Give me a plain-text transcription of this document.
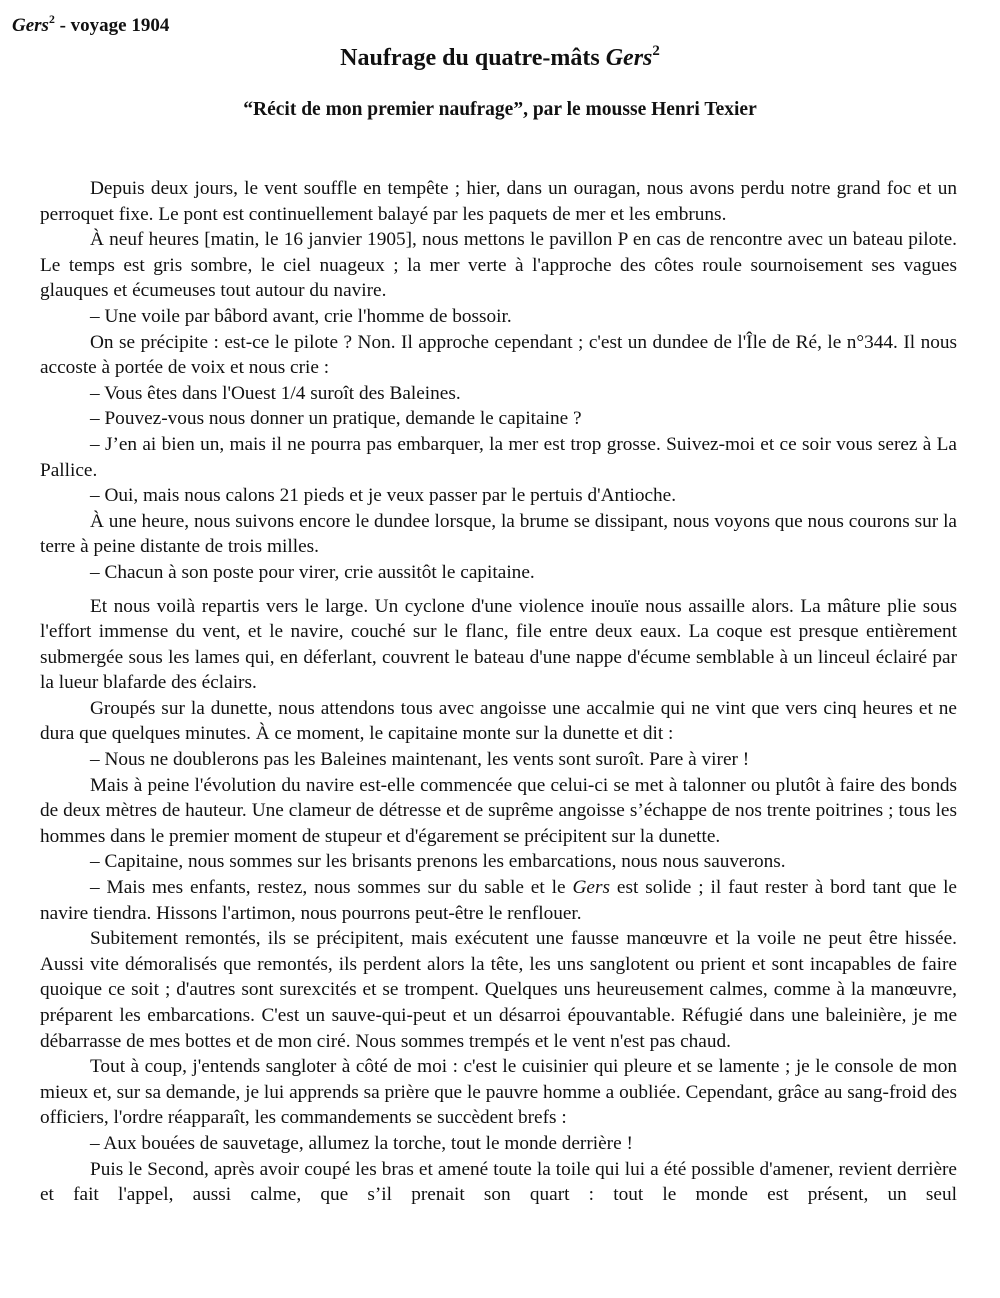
Gers$^2$ - voyage 1904
Naufrage du quatre-mâts Gers$^2$
“Récit de mon premier naufrage”, par le mousse Henri Texier

Depuis deux jours, le vent souffle en tempête ; hier, dans un ouragan, nous avons perdu notre grand foc et un perroquet fixe. Le pont est continuellement balayé par les paquets de mer et les embruns.

À neuf heures [matin, le 16 janvier 1905], nous mettons le pavillon P en cas de rencontre avec un bateau pilote. Le temps est gris sombre, le ciel nuageux ; la mer verte à l'approche des côtes roule sournoisement ses vagues glauques et écumeuses tout autour du navire.

– Une voile par bâbord avant, crie l'homme de bossoir.

On se précipite : est-ce le pilote ? Non. Il approche cependant ; c'est un dundee de l'Île de Ré, le n°344. Il nous accoste à portée de voix et nous crie :

– Vous êtes dans l'Ouest 1/4 suroît des Baleines.

– Pouvez-vous nous donner un pratique, demande le capitaine ?

– J’en ai bien un, mais il ne pourra pas embarquer, la mer est trop grosse. Suivez-moi et ce soir vous serez à La Pallice.

– Oui, mais nous calons 21 pieds et je veux passer par le pertuis d'Antioche.

À une heure, nous suivons encore le dundee lorsque, la brume se dissipant, nous voyons que nous courons sur la terre à peine distante de trois milles.

– Chacun à son poste pour virer, crie aussitôt le capitaine.

Et nous voilà repartis vers le large. Un cyclone d'une violence inouïe nous assaille alors. La mâture plie sous l'effort immense du vent, et le navire, couché sur le flanc, file entre deux eaux. La coque est presque entièrement submergée sous les lames qui, en déferlant, couvrent le bateau d'une nappe d'écume semblable à un linceul éclairé par la lueur blafarde des éclairs.

Groupés sur la dunette, nous attendons tous avec angoisse une accalmie qui ne vint que vers cinq heures et ne dura que quelques minutes. À ce moment, le capitaine monte sur la dunette et dit :

– Nous ne doublerons pas les Baleines maintenant, les vents sont suroît. Pare à virer !

Mais à peine l'évolution du navire est-elle commencée que celui-ci se met à talonner ou plutôt à faire des bonds de deux mètres de hauteur. Une clameur de détresse et de suprême angoisse s’échappe de nos trente poitrines ; tous les hommes dans le premier moment de stupeur et d'égarement se précipitent sur la dunette.

– Capitaine, nous sommes sur les brisants prenons les embarcations, nous nous sauverons.

– Mais mes enfants, restez, nous sommes sur du sable et le Gers est solide ; il faut rester à bord tant que le navire tiendra. Hissons l'artimon, nous pourrons peut-être le renflouer.

Subitement remontés, ils se précipitent, mais exécutent une fausse manœuvre et la voile ne peut être hissée. Aussi vite démoralisés que remontés, ils perdent alors la tête, les uns sanglotent ou prient et sont incapables de faire quoique ce soit ; d'autres sont surexcités et se trompent. Quelques uns heureusement calmes, comme à la manœuvre, préparent les embarcations. C'est un sauve-qui-peut et un désarroi épouvantable. Réfugié dans une baleinière, je me débarrasse de mes bottes et de mon ciré. Nous sommes trempés et le vent n'est pas chaud.

Tout à coup, j'entends sangloter à côté de moi : c'est le cuisinier qui pleure et se lamente ; je le console de mon mieux et, sur sa demande, je lui apprends sa prière que le pauvre homme a oubliée. Cependant, grâce au sang-froid des officiers, l'ordre réapparaît, les commandements se succèdent brefs :

– Aux bouées de sauvetage, allumez la torche, tout le monde derrière !

Puis le Second, après avoir coupé les bras et amené toute la toile qui lui a été possible d'amener, revient derrière et fait l'appel, aussi calme, que s’il prenait son quart : tout le monde est présent, un seul
